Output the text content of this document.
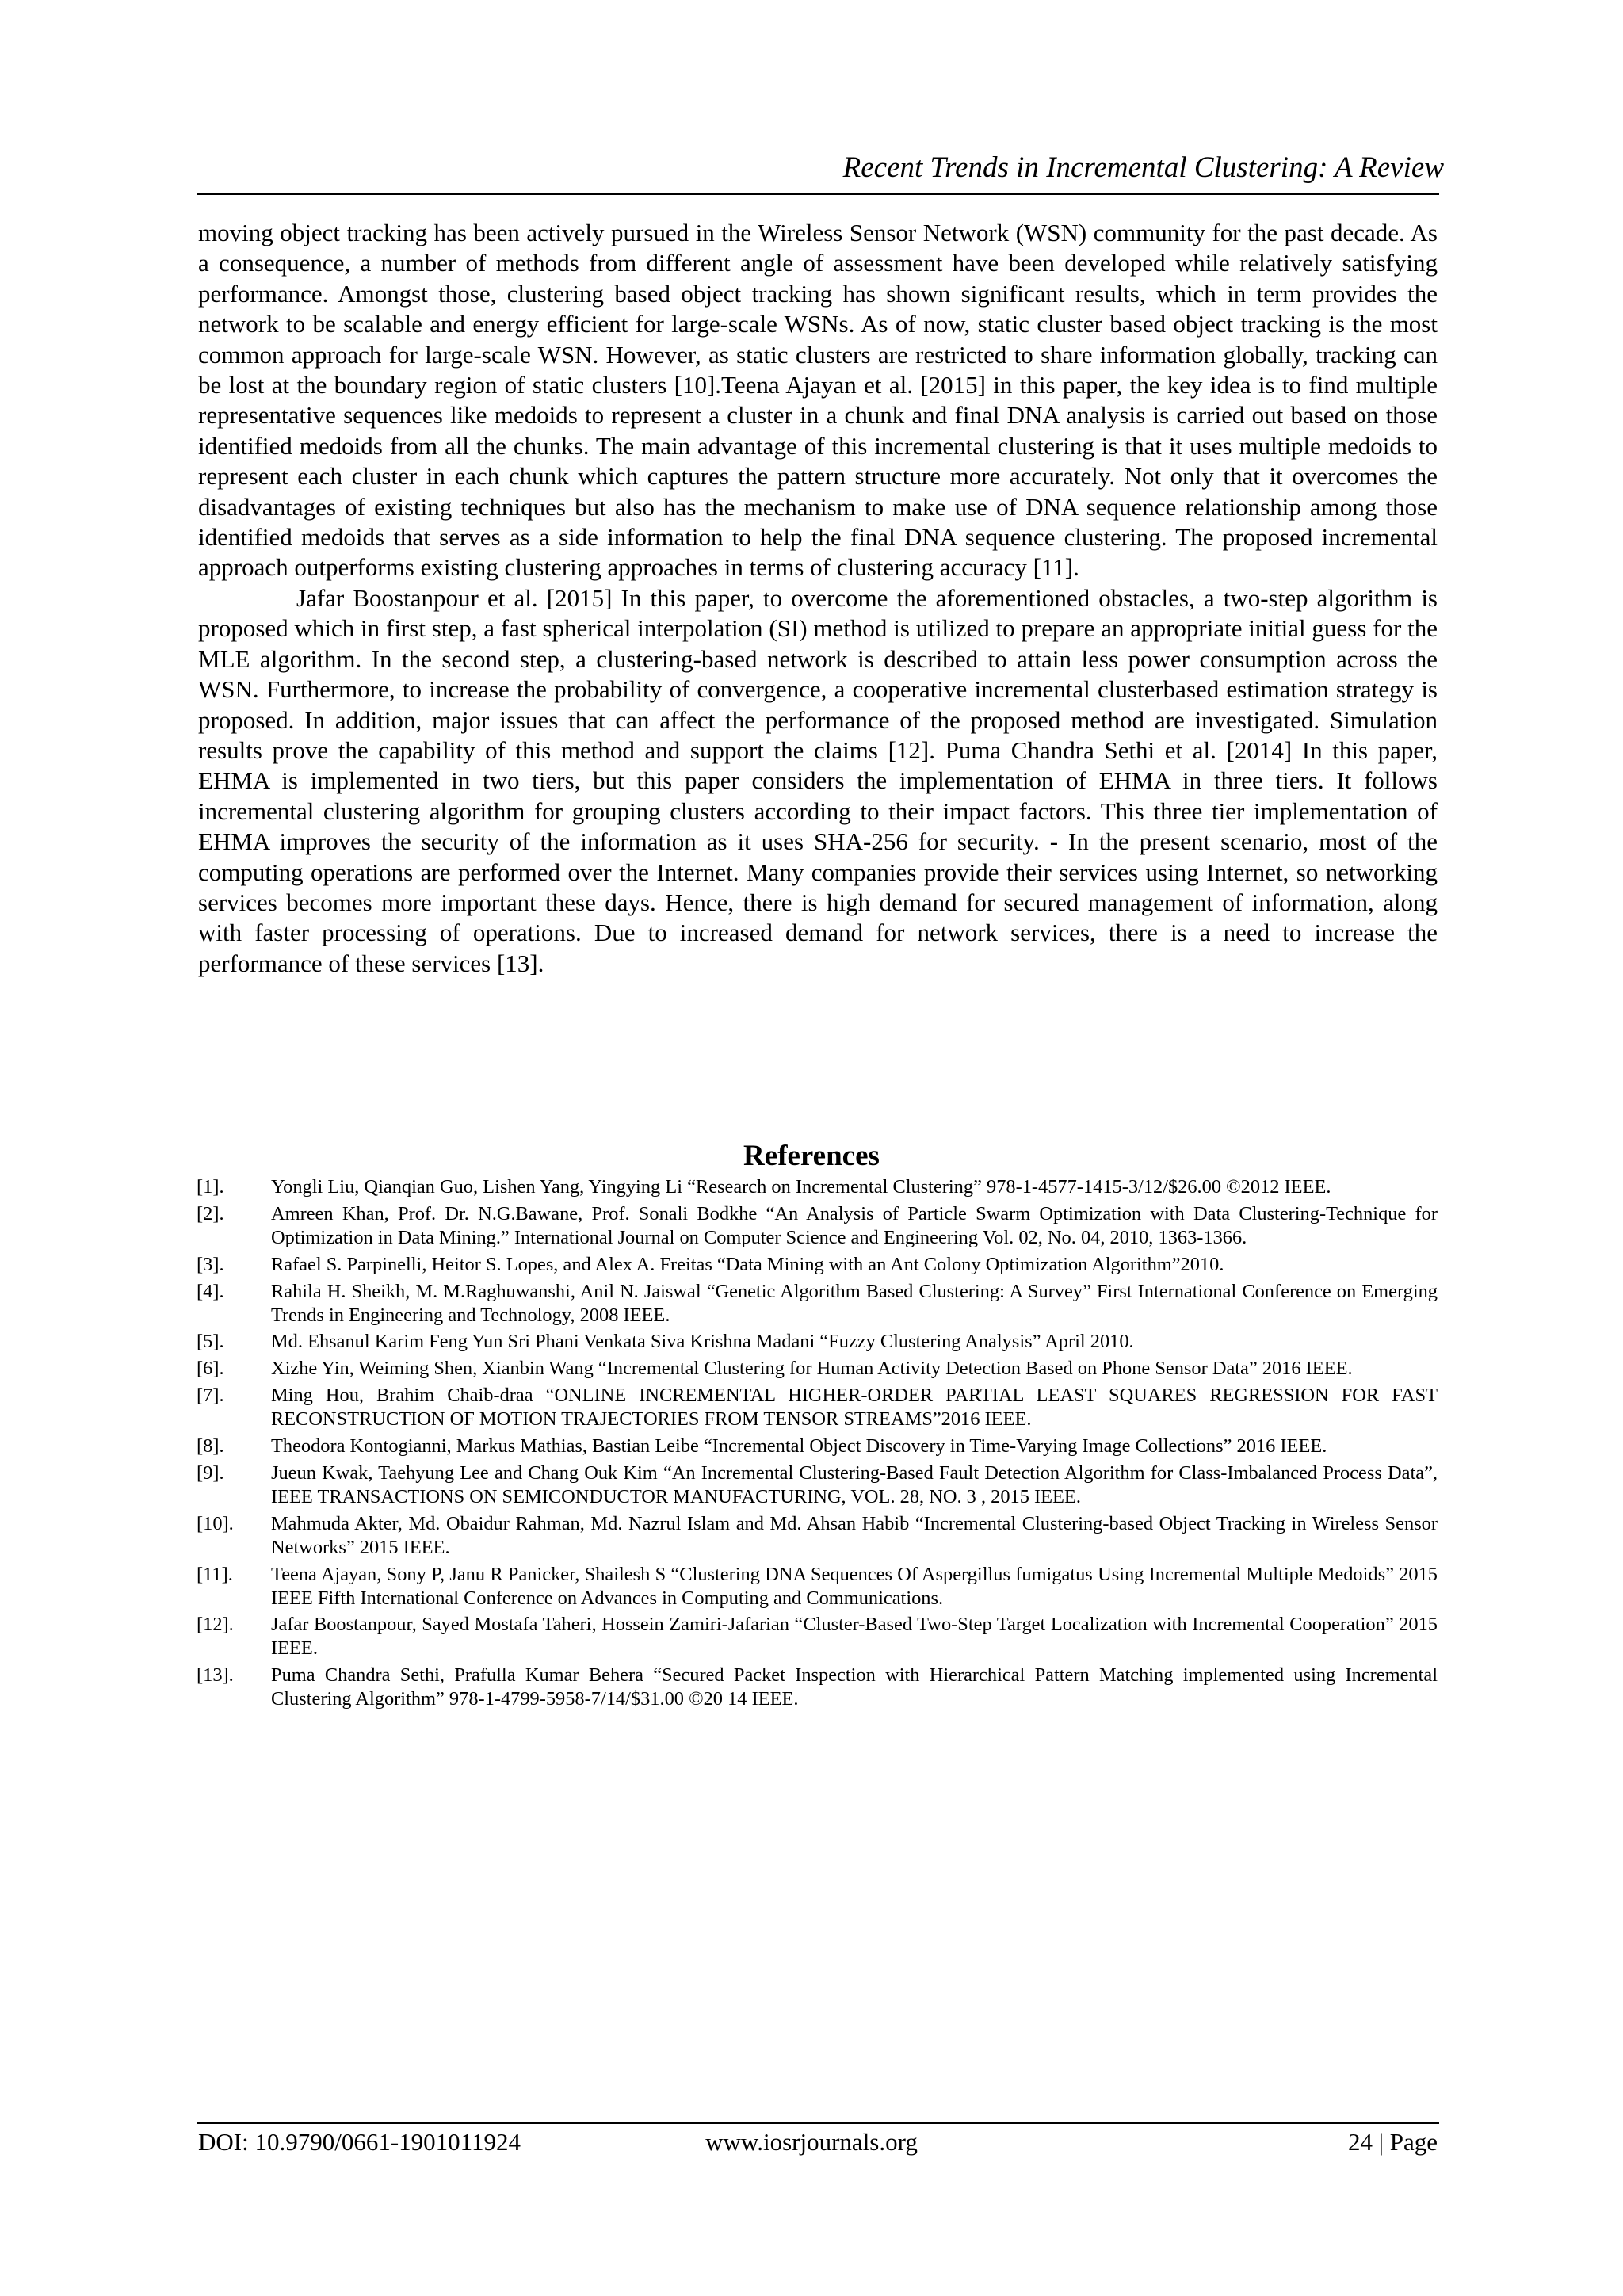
Recent Trends in Incremental Clustering: A Review

moving object tracking has been actively pursued in the Wireless Sensor Network (WSN) community for the past decade. As a consequence, a number of methods from different angle of assessment have been developed while relatively satisfying performance. Amongst those, clustering based object tracking has shown significant results, which in term provides the network to be scalable and energy efficient for large-scale WSNs. As of now, static cluster based object tracking is the most common approach for large-scale WSN. However, as static clusters are restricted to share information globally, tracking can be lost at the boundary region of static clusters [10].Teena Ajayan et al. [2015] in this paper, the key idea is to find multiple representative sequences like medoids to represent a cluster in a chunk and final DNA analysis is carried out based on those identified medoids from all the chunks. The main advantage of this incremental clustering is that it uses multiple medoids to represent each cluster in each chunk which captures the pattern structure more accurately. Not only that it overcomes the disadvantages of existing techniques but also has the mechanism to make use of DNA sequence relationship among those identified medoids that serves as a side information to help the final DNA sequence clustering. The proposed incremental approach outperforms existing clustering approaches in terms of clustering accuracy [11].

Jafar Boostanpour et al. [2015] In this paper, to overcome the aforementioned obstacles, a two-step algorithm is proposed which in first step, a fast spherical interpolation (SI) method is utilized to prepare an appropriate initial guess for the MLE algorithm. In the second step, a clustering-based network is described to attain less power consumption across the WSN. Furthermore, to increase the probability of convergence, a cooperative incremental clusterbased estimation strategy is proposed. In addition, major issues that can affect the performance of the proposed method are investigated. Simulation results prove the capability of this method and support the claims [12]. Puma Chandra Sethi et al. [2014] In this paper, EHMA is implemented in two tiers, but this paper considers the implementation of EHMA in three tiers. It follows incremental clustering algorithm for grouping clusters according to their impact factors. This three tier implementation of EHMA improves the security of the information as it uses SHA-256 for security. - In the present scenario, most of the computing operations are performed over the Internet. Many companies provide their services using Internet, so networking services becomes more important these days. Hence, there is high demand for secured management of information, along with faster processing of operations. Due to increased demand for network services, there is a need to increase the performance of these services [13].

References
[1].	Yongli Liu, Qianqian Guo, Lishen Yang, Yingying Li “Research on Incremental Clustering” 978-1-4577-1415-3/12/$26.00 ©2012 IEEE.
[2].	Amreen Khan, Prof. Dr. N.G.Bawane, Prof. Sonali Bodkhe “An Analysis of Particle Swarm Optimization with Data Clustering-Technique for Optimization in Data Mining.” International Journal on Computer Science and Engineering Vol. 02, No. 04, 2010, 1363-1366.
[3].	Rafael S. Parpinelli, Heitor S. Lopes, and Alex A. Freitas “Data Mining with an Ant Colony Optimization Algorithm”2010.
[4].	Rahila H. Sheikh, M. M.Raghuwanshi, Anil N. Jaiswal “Genetic Algorithm Based Clustering: A Survey” First International Conference on Emerging Trends in Engineering and Technology, 2008 IEEE.
[5].	Md. Ehsanul Karim Feng Yun Sri Phani Venkata Siva Krishna Madani “Fuzzy Clustering Analysis” April 2010.
[6].	Xizhe Yin, Weiming Shen, Xianbin Wang “Incremental Clustering for Human Activity Detection Based on Phone Sensor Data” 2016 IEEE.
[7].	Ming Hou, Brahim Chaib-draa “ONLINE INCREMENTAL HIGHER-ORDER PARTIAL LEAST SQUARES REGRESSION FOR FAST RECONSTRUCTION OF MOTION TRAJECTORIES FROM TENSOR STREAMS”2016 IEEE.
[8].	Theodora Kontogianni, Markus Mathias, Bastian Leibe “Incremental Object Discovery in Time-Varying Image Collections” 2016 IEEE.
[9].	Jueun Kwak, Taehyung Lee and Chang Ouk Kim “An Incremental Clustering-Based Fault Detection Algorithm for Class-Imbalanced Process Data”, IEEE TRANSACTIONS ON SEMICONDUCTOR MANUFACTURING, VOL. 28, NO. 3 , 2015 IEEE.
[10].	Mahmuda Akter, Md. Obaidur Rahman, Md. Nazrul Islam and Md. Ahsan Habib “Incremental Clustering-based Object Tracking in Wireless Sensor Networks” 2015 IEEE.
[11].	Teena Ajayan, Sony P, Janu R Panicker, Shailesh S “Clustering DNA Sequences Of Aspergillus fumigatus Using Incremental Multiple Medoids” 2015 IEEE Fifth International Conference on Advances in Computing and Communications.
[12].	Jafar Boostanpour, Sayed Mostafa Taheri, Hossein Zamiri-Jafarian “Cluster-Based Two-Step Target Localization with Incremental Cooperation” 2015 IEEE.
[13].	Puma Chandra Sethi, Prafulla Kumar Behera “Secured Packet Inspection with Hierarchical Pattern Matching implemented using Incremental Clustering Algorithm” 978-1-4799-5958-7/14/$31.00 ©20 14 IEEE.
DOI: 10.9790/0661-1901011924	www.iosrjournals.org	24 | Page
